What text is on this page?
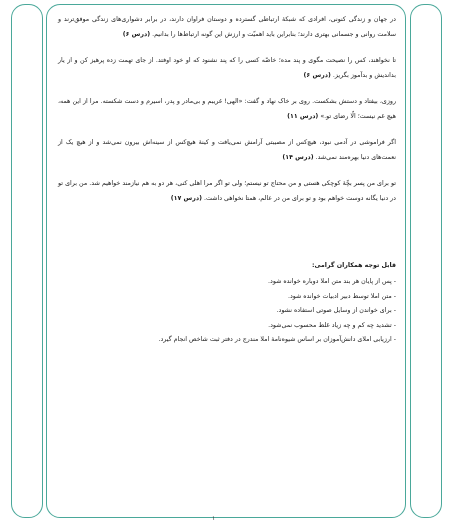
در جهان و زندگی کنونی، افرادی که شبکهٔ ارتباطی گسترده و دوستان فراوان دارند، در برابر دشواری‌های زندگی موفق‌ترند و سلامت روانی و جسمانی بهتری دارند؛ بنابراین باید اهمیّت و ارزش این گونه ارتباط‌ها را بدانیم. (درس ۶)

تا نخواهند، کس را نصیحت مگوی و پند مده؛ خاصّه کسی را که پند نشنود که او خود اوفتد. از جای تهمت زده پرهیز کن و از یار بداندیش و بدآموز بگریز. (درس ۶)

روزی، بیفتاد و دستش بشکست. روی بر خاک نهاد و گفت: «الهی! غریبم و بی‌مادر و پدر، اسیرم و دست شکسته. مرا از این همه، هیچ غم نیست؛ الّا رضای تو.» (درس ۱۱)

اگر فراموشی در آدمی نبود، هیچ‌کس از مصیبتی آرامش نمی‌یافت و کینهٔ هیچ‌کس از سینه‌اش بیرون نمی‌شد و از هیچ یک از نعمت‌های دنیا بهره‌مند نمی‌شد. (درس ۱۴)

تو برای من پسر بچّهٔ کوچکی هستی و من محتاج تو نیستم؛ ولی تو اگر مرا اهلی کنی، هر دو به هم نیازمند خواهیم شد. من برای تو در دنیا یگانه دوست خواهم بود و تو برای من در عالم، همتا نخواهی داشت. (درس ۱۷)

قابل توجه همکاران گرامی:

- پس از پایان هر بند متن املا دوباره خوانده شود.

- متن املا توسط دبیر ادبیات خوانده شود.

- برای خواندن از وسایل صوتی استفاده نشود.

- تشدید چه کم و چه زیاد غلط محسوب نمی‌شود.

- ارزیابی املای دانش‌آموزان بر اساس شیوه‌نامهٔ املا مندرج در دفتر ثبت شاخص انجام گیرد.

۱
